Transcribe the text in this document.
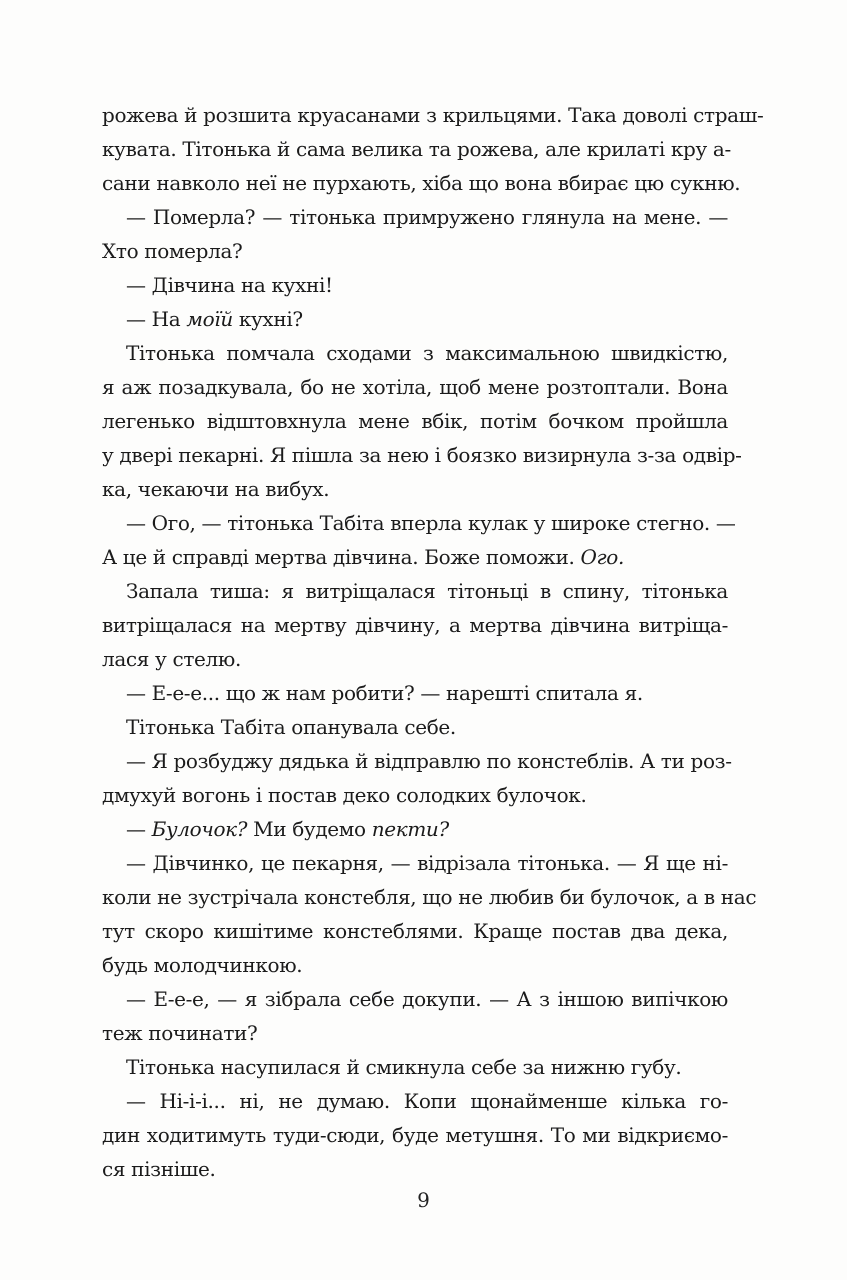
рожева й розшита круасанами з крильцями. Така доволі страш-
кувата. Тітонька й сама велика та рожева, але крилаті кру а-
сани навколо неї не пурхають, хіба що вона вбирає цю сукню.
— Померла? — тітонька примружено глянула на мене. —
Хто померла?
— Дівчина на кухні!
— На моїй кухні?
Тітонька помчала сходами з максимальною швидкістю,
я аж позадкувала, бо не хотіла, щоб мене розтоптали. Вона
легенько відштовхнула мене вбік, потім бочком пройшла
у двері пекарні. Я пішла за нею і боязко визирнула з-за одвір-
ка, чекаючи на вибух.
— Ого, — тітонька Табіта вперла кулак у широке стегно. —
А це й справді мертва дівчина. Боже поможи. Ого.
Запала тиша: я витріщалася тітоньці в спину, тітонька
витріщалася на мертву дівчину, а мертва дівчина витріща-
лася у стелю.
— Е-е-е... що ж нам робити? — нарешті спитала я.
Тітонька Табіта опанувала себе.
— Я розбуджу дядька й відправлю по констеблів. А ти роз-
дмухуй вогонь і постав деко солодких булочок.
— Булочок? Ми будемо пекти?
— Дівчинко, це пекарня, — відрізала тітонька. — Я ще ні-
коли не зустрічала констебля, що не любив би булочок, а в нас
тут скоро кишітиме констеблями. Краще постав два дека,
будь молодчинкою.
— Е-е-е, — я зібрала себе докупи. — А з іншою випічкою
теж починати?
Тітонька насупилася й смикнула себе за нижню губу.
— Ні-і-і... ні, не думаю. Копи щонайменше кілька го-
дин ходитимуть туди-сюди, буде метушня. То ми відкриємо-
ся пізніше.
9
